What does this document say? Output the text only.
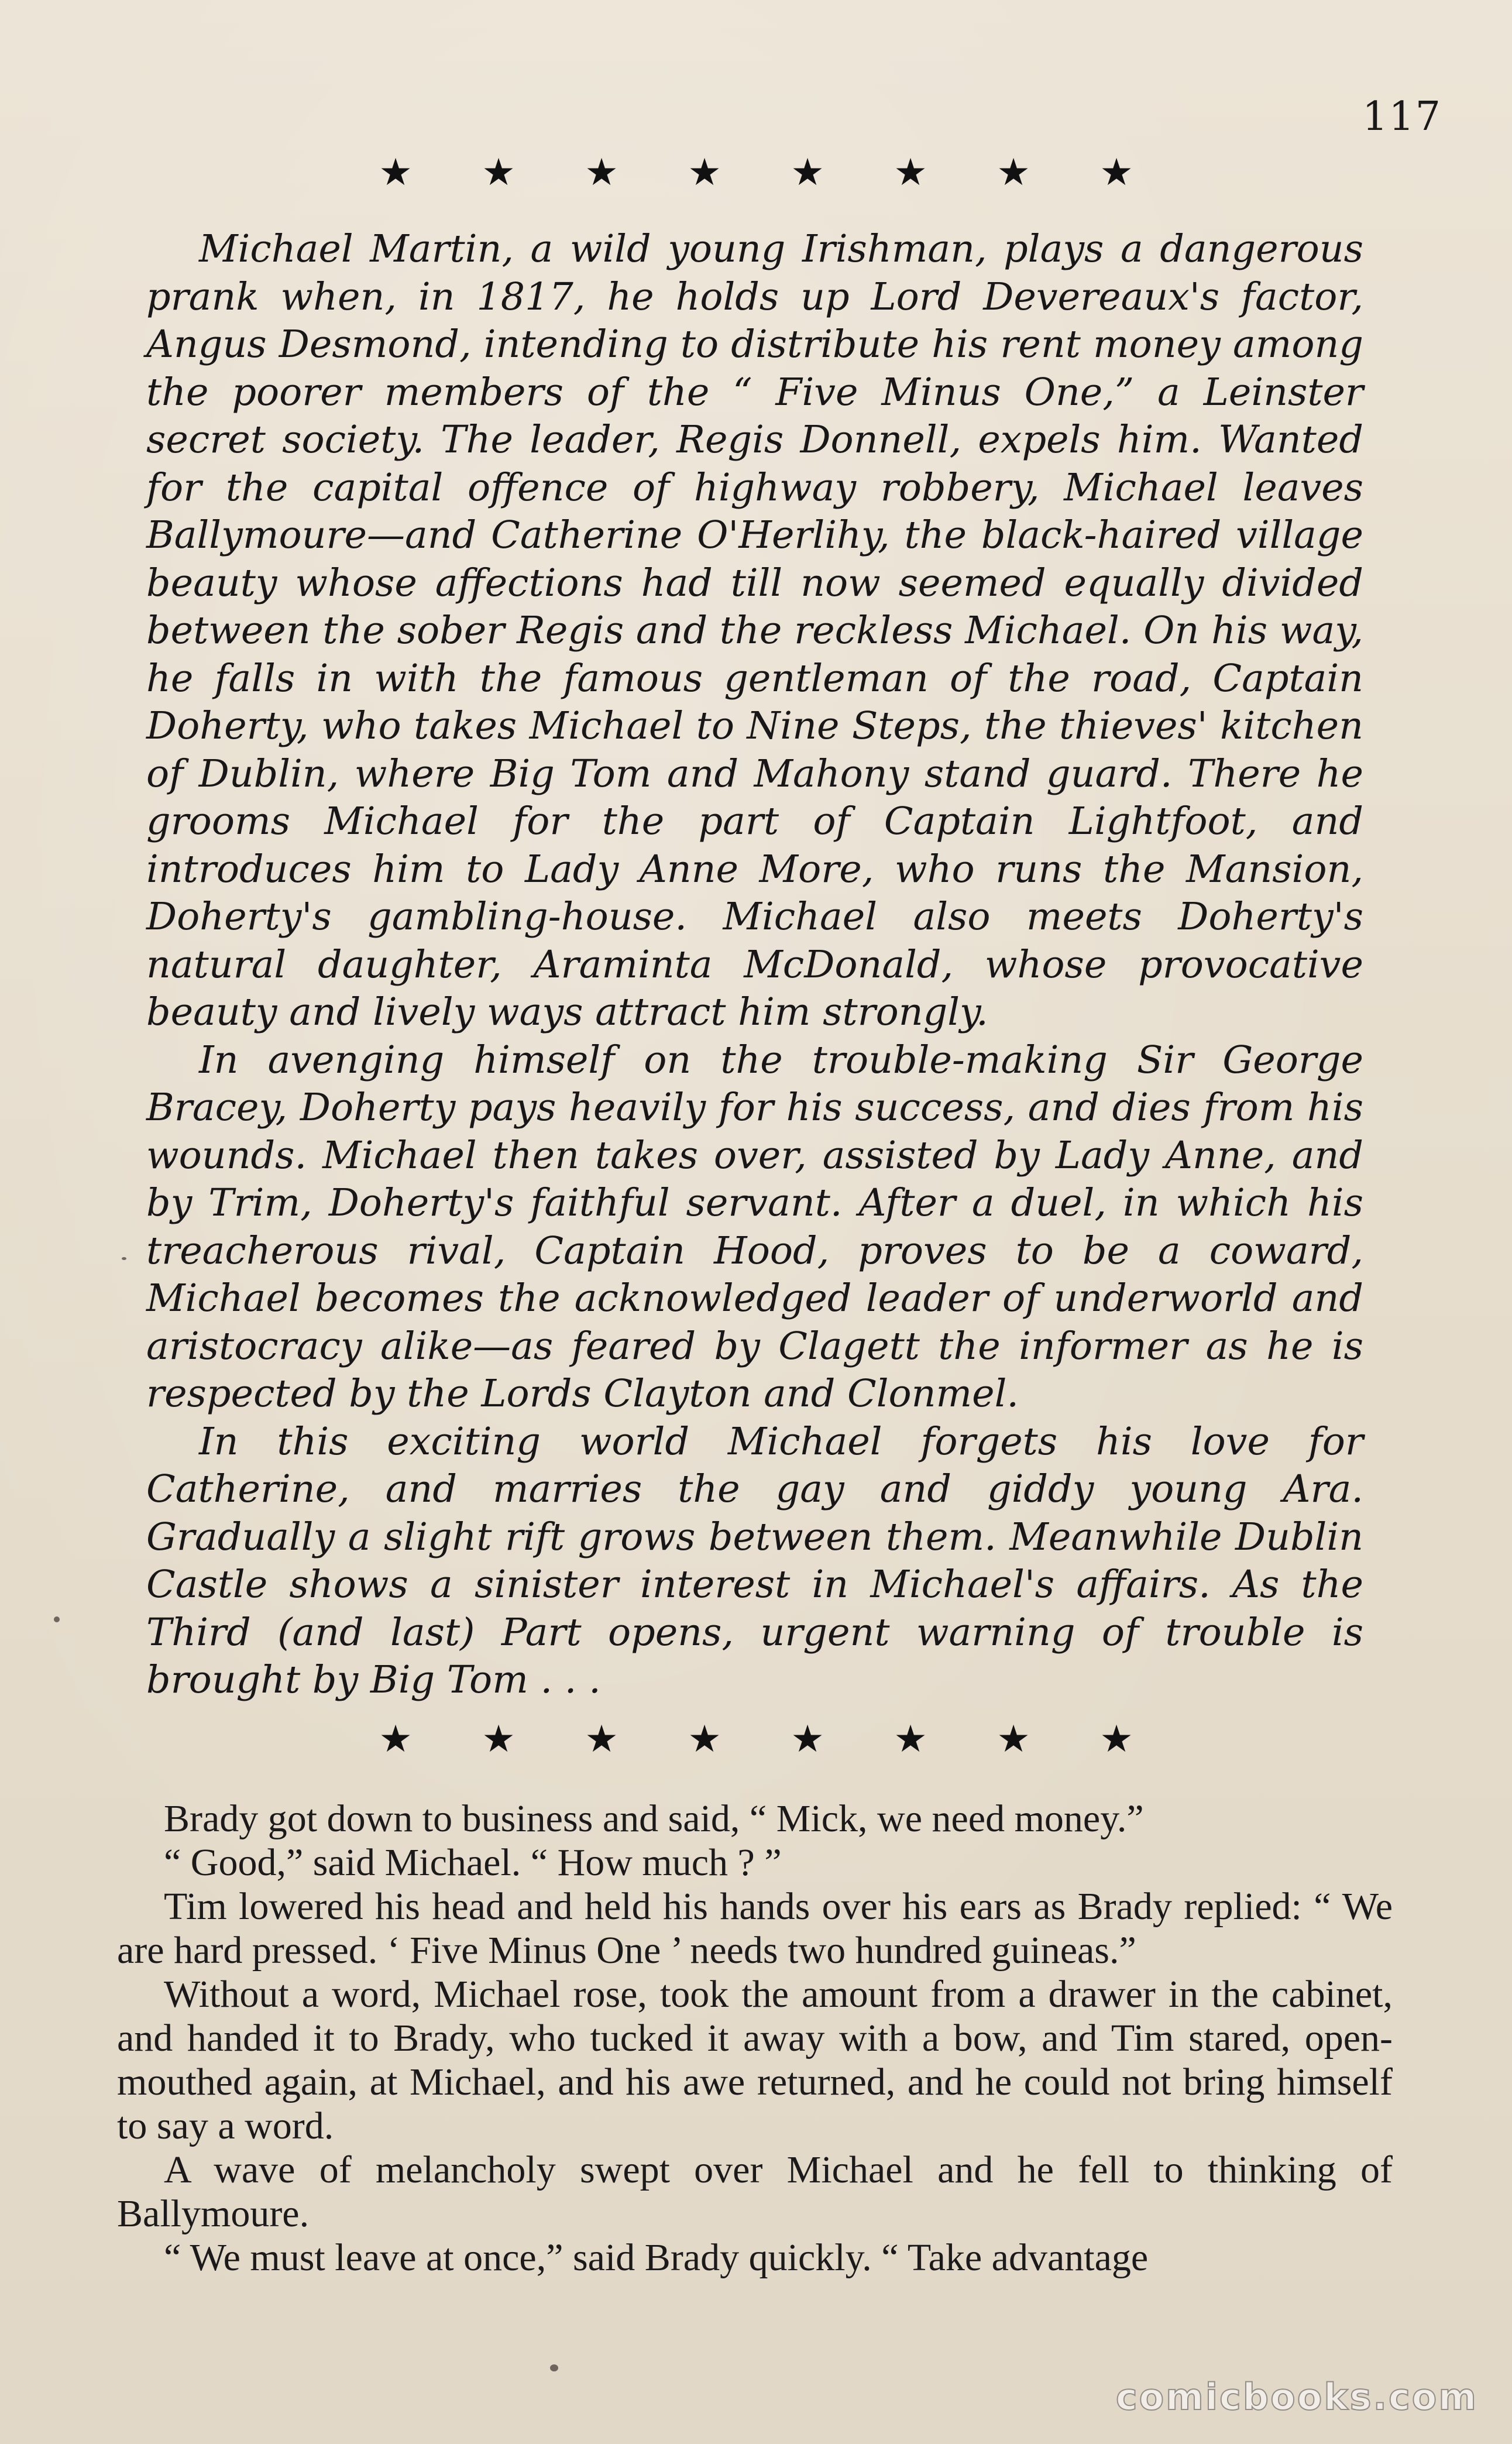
117
★ ★ ★ ★ ★ ★ ★ ★

Michael Martin, a wild young Irishman, plays a dangerous prank when, in 1817, he holds up Lord Devereaux's factor, Angus Desmond, intending to distribute his rent money among the poorer members of the “ Five Minus One,” a Leinster secret society. The leader, Regis Donnell, expels him. Wanted for the capital offence of highway robbery, Michael leaves Ballymoure—and Catherine O'Herlihy, the black-haired village beauty whose affections had till now seemed equally divided between the sober Regis and the reckless Michael. On his way, he falls in with the famous gentleman of the road, Captain Doherty, who takes Michael to Nine Steps, the thieves' kitchen of Dublin, where Big Tom and Mahony stand guard. There he grooms Michael for the part of Captain Lightfoot, and introduces him to Lady Anne More, who runs the Mansion, Doherty's gambling-house. Michael also meets Doherty's natural daughter, Araminta McDonald, whose provocative beauty and lively ways attract him strongly.

In avenging himself on the trouble-making Sir George Bracey, Doherty pays heavily for his success, and dies from his wounds. Michael then takes over, assisted by Lady Anne, and by Trim, Doherty's faithful servant. After a duel, in which his treacherous rival, Captain Hood, proves to be a coward, Michael becomes the acknowledged leader of underworld and aristocracy alike—as feared by Clagett the informer as he is respected by the Lords Clayton and Clonmel.

In this exciting world Michael forgets his love for Catherine, and marries the gay and giddy young Ara. Gradually a slight rift grows between them. Meanwhile Dublin Castle shows a sinister interest in Michael's affairs. As the Third (and last) Part opens, urgent warning of trouble is brought by Big Tom . . .

★ ★ ★ ★ ★ ★ ★ ★

Brady got down to business and said, “ Mick, we need money.”

“ Good,” said Michael. “ How much ? ”

Tim lowered his head and held his hands over his ears as Brady replied: “ We are hard pressed. ‘ Five Minus One ’ needs two hundred guineas.”

Without a word, Michael rose, took the amount from a drawer in the cabinet, and handed it to Brady, who tucked it away with a bow, and Tim stared, open-mouthed again, at Michael, and his awe returned, and he could not bring himself to say a word.

A wave of melancholy swept over Michael and he fell to thinking of Ballymoure.

“ We must leave at once,” said Brady quickly. “ Take advantage

comicbooks.com
